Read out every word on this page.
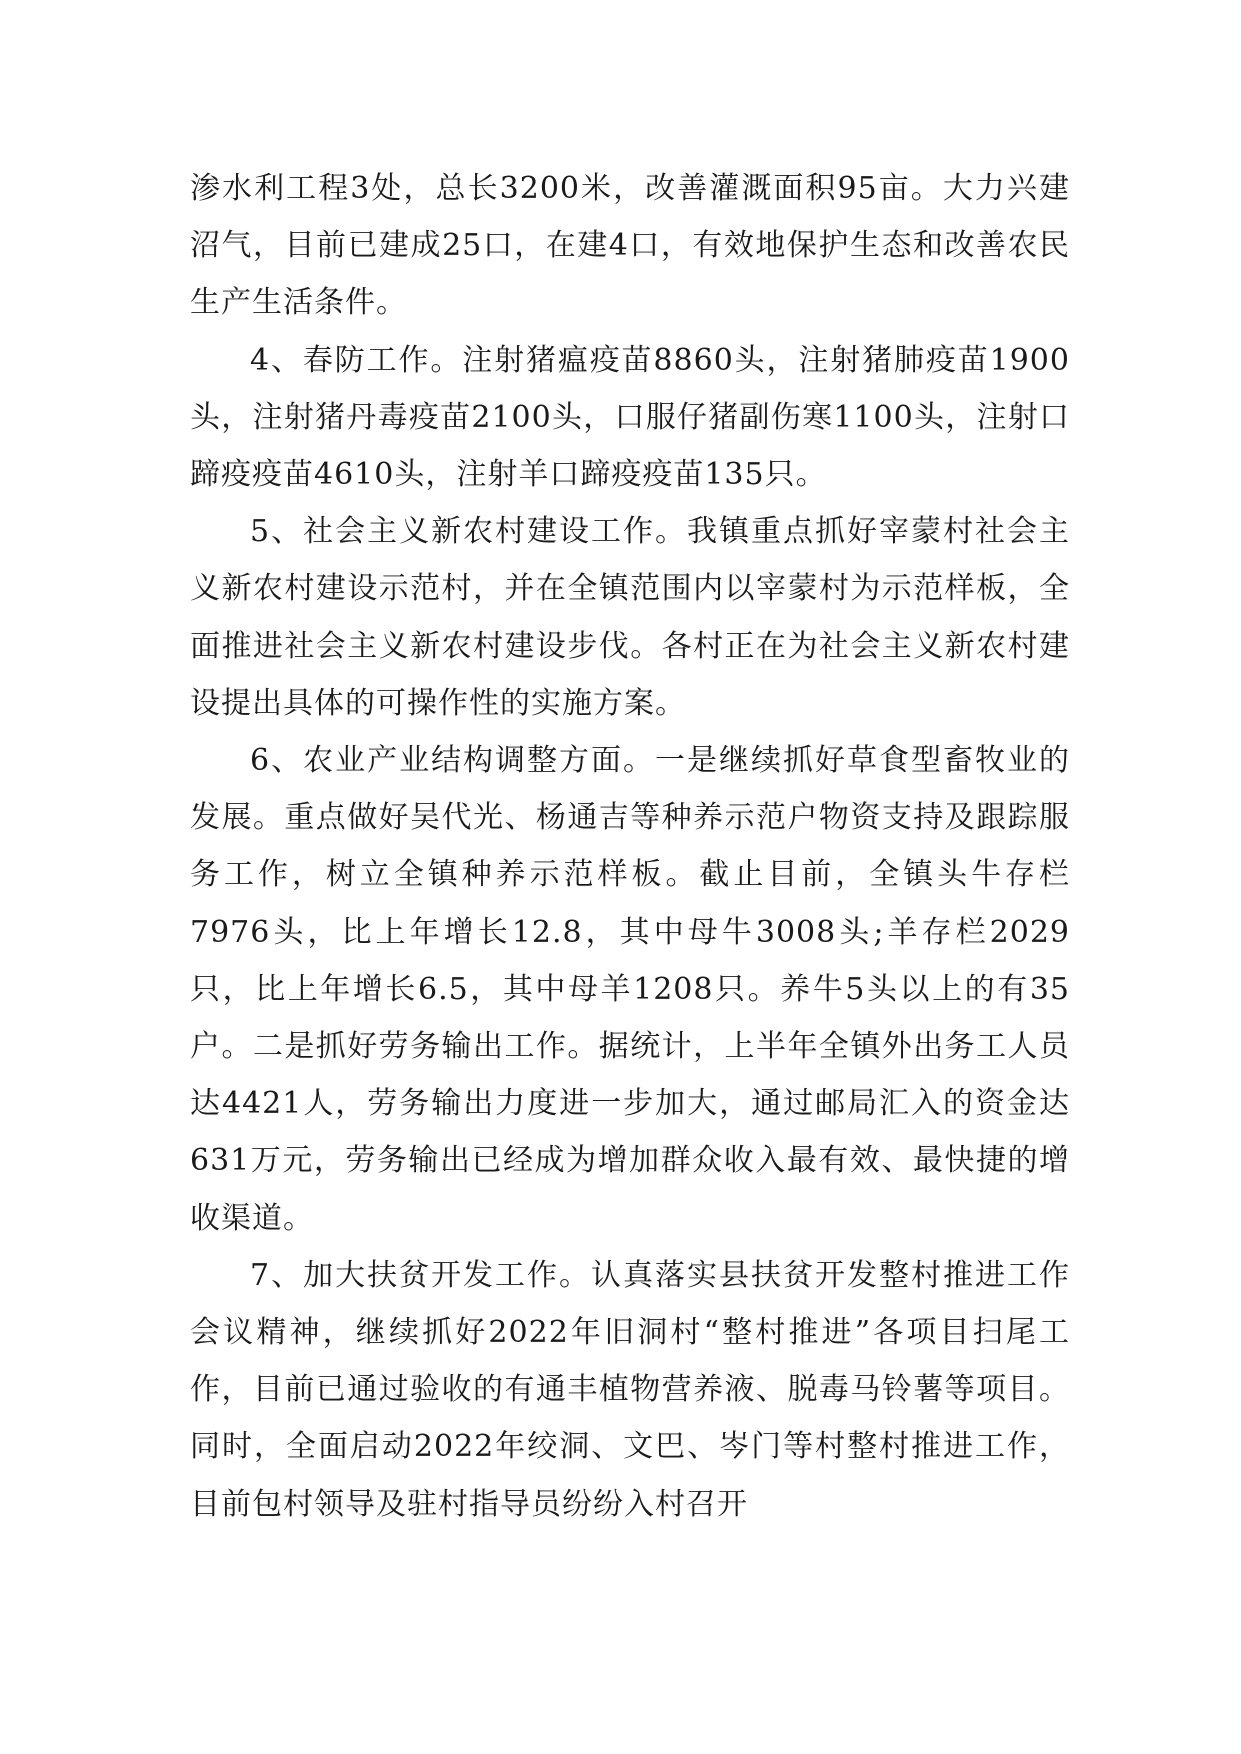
渗水利工程3处，总长3200米，改善灌溉面积95亩。大力兴建沼气，目前已建成25口，在建4口，有效地保护生态和改善农民生产生活条件。

4、春防工作。注射猪瘟疫苗8860头，注射猪肺疫苗1900头，注射猪丹毒疫苗2100头，口服仔猪副伤寒1100头，注射口蹄疫疫苗4610头，注射羊口蹄疫疫苗135只。

5、社会主义新农村建设工作。我镇重点抓好宰蒙村社会主义新农村建设示范村，并在全镇范围内以宰蒙村为示范样板，全面推进社会主义新农村建设步伐。各村正在为社会主义新农村建设提出具体的可操作性的实施方案。

6、农业产业结构调整方面。一是继续抓好草食型畜牧业的发展。重点做好吴代光、杨通吉等种养示范户物资支持及跟踪服务工作，树立全镇种养示范样板。截止目前，全镇头牛存栏7976头，比上年增长12.8，其中母牛3008头;羊存栏2029只，比上年增长6.5，其中母羊1208只。养牛5头以上的有35户。二是抓好劳务输出工作。据统计，上半年全镇外出务工人员达4421人，劳务输出力度进一步加大，通过邮局汇入的资金达631万元，劳务输出已经成为增加群众收入最有效、最快捷的增收渠道。

7、加大扶贫开发工作。认真落实县扶贫开发整村推进工作会议精神，继续抓好2022年旧洞村“整村推进”各项目扫尾工作，目前已通过验收的有通丰植物营养液、脱毒马铃薯等项目。同时，全面启动2022年绞洞、文巴、岑门等村整村推进工作，目前包村领导及驻村指导员纷纷入村召开
